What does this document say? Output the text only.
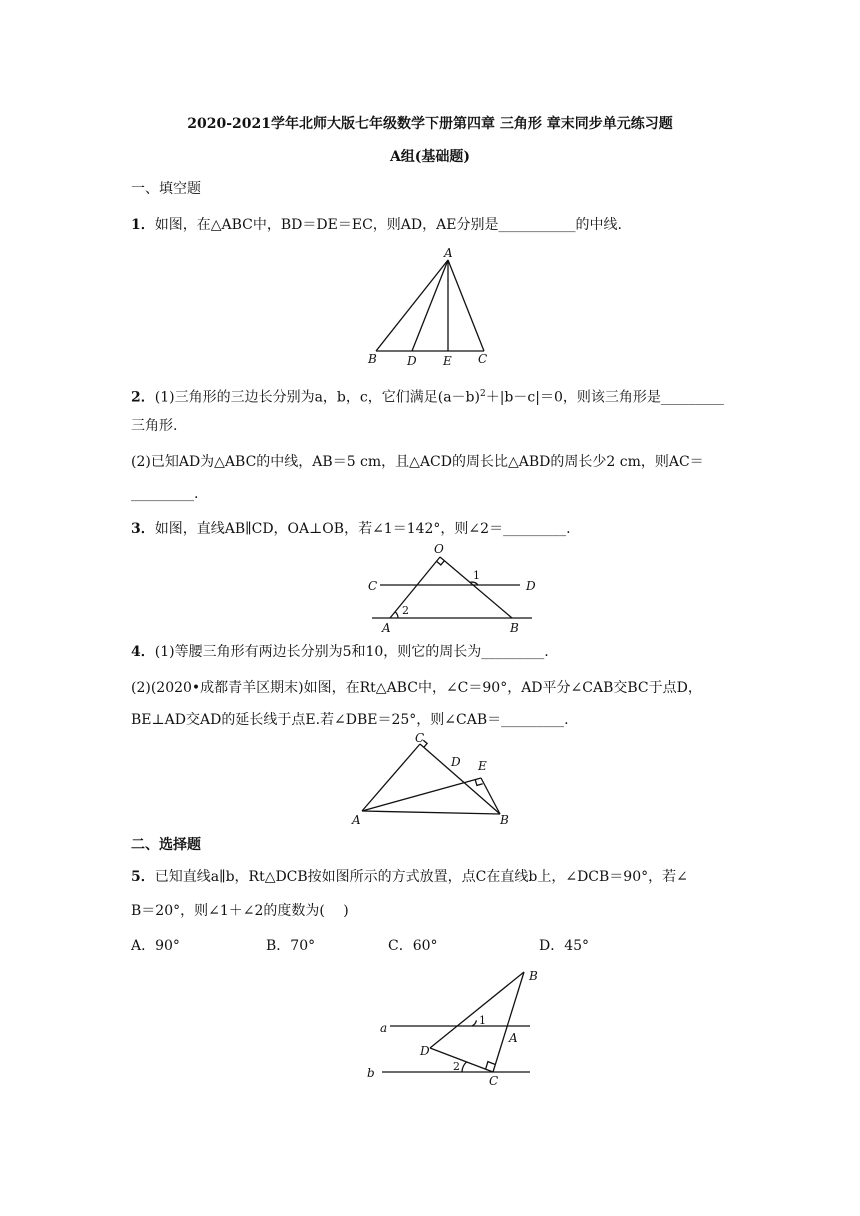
2020-2021学年北师大版七年级数学下册第四章 三角形 章末同步单元练习题
A组(基础题)
一、填空题
1．如图，在△ABC中，BD＝DE＝EC，则AD，AE分别是___________的中线.
A
B	D E C
2．(1)三角形的三边长分别为a，b，c，它们满足$(a-b)^2+|b-c|=0$，则该三角形是_________
三角形.
(2)已知AD为△ABC的中线，AB＝5 cm，且△ACD的周长比△ABD的周长少2 cm，则AC＝
_________.
3．如图，直线AB∥CD，OA⊥OB，若∠1＝142°，则∠2＝_________.
O
C	D
A	B
1
2
4．(1)等腰三角形有两边长分别为5和10，则它的周长为_________.
(2)(2020•成都青羊区期末)如图，在Rt△ABC中，∠C＝90°，AD平分∠CAB交BC于点D，
BE⊥AD交AD的延长线于点E.若∠DBE＝25°，则∠CAB＝_________.
C
D E
A	B
二、选择题
5．已知直线a∥b，Rt△DCB按如图所示的方式放置，点C在直线b上，∠DCB＝90°，若∠
B＝20°，则∠1＋∠2的度数为(　 )
A．90°	B．70°	C．60°	D．45°
a
b
B
A
D
C
1
2
